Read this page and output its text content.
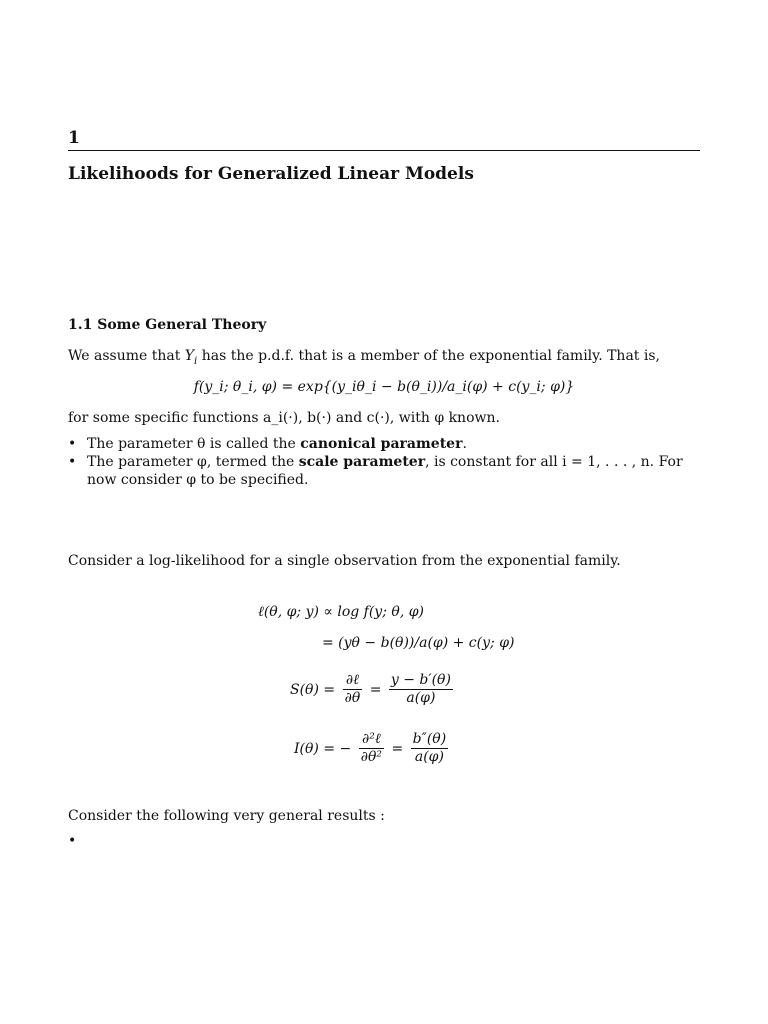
1
Likelihoods for Generalized Linear Models
1.1 Some General Theory
We assume that $Y_i$ has the p.d.f. that is a member of the exponential family. That is,
f(y_i; θ_i, φ) = exp{(y_iθ_i − b(θ_i))/a_i(φ) + c(y_i; φ)}
for some specific functions a_i(·), b(·) and c(·), with φ known.
• The parameter θ is called the canonical parameter.
• The parameter φ, termed the scale parameter, is constant for all i = 1, . . . , n. For now consider φ to be specified.
Consider a log-likelihood for a single observation from the exponential family.
ℓ(θ, φ; y) ∝ log f(y; θ, φ)
= (yθ − b(θ))/a(φ) + c(y; φ)
$S(\theta) = \frac{\text{∂ℓ}}{\partial\theta} = \frac{y - b'(\theta)}{a(\varphi)}$
I(θ) = − $\frac{\text{∂²ℓ}}{\text{∂θ²}} = \frac{b''(\theta)}{a(\varphi)}$
Consider the following very general results :
•
